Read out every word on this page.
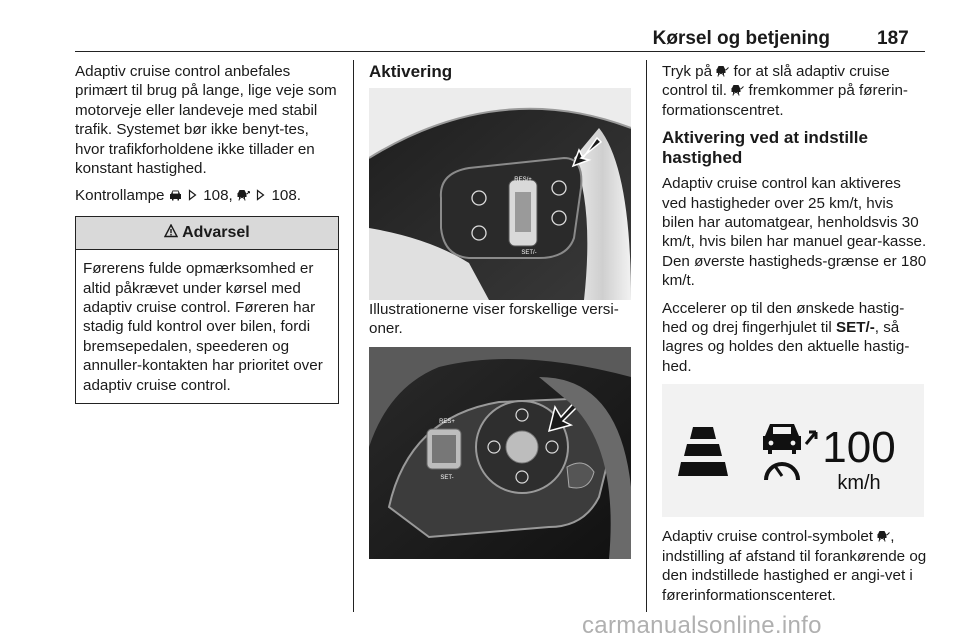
Kørsel og betjening 187

Adaptiv cruise control anbefales primært til brug på lange, lige veje som motorveje eller landeveje med stabil trafik. Systemet bør ikke benyt-tes, hvor trafikforholdene ikke tillader en konstant hastighed.

Kontrollampe	108,	108.

Advarsel
Førerens fulde opmærksomhed er altid påkrævet under kørsel med adaptiv cruise control. Føreren har stadig fuld kontrol over bilen, fordi bremsepedalen, speederen og annuller-kontakten har prioritet over adaptiv cruise control.
Aktivering
RES/+
SET/-

Illustrationerne viser forskellige versi-oner.

RES+
SET-

Tryk på for at slå adaptiv cruise control til. fremkommer på førerin-formationscentret.

Aktivering ved at indstille hastighed

Adaptiv cruise control kan aktiveres ved hastigheder over 25 km/t, hvis bilen har automatgear, henholdsvis 30 km/t, hvis bilen har manuel gear-kasse. Den øverste hastigheds-grænse er 180 km/t.

Accelerer op til den ønskede hastig-hed og drej fingerhjulet til SET/-, så lagres og holdes den aktuelle hastig-hed.

100
km/h

Adaptiv cruise control-symbolet , indstilling af afstand til forankørende og den indstillede hastighed er angi-vet i førerinformationscenteret.

carmanualsonline.info
